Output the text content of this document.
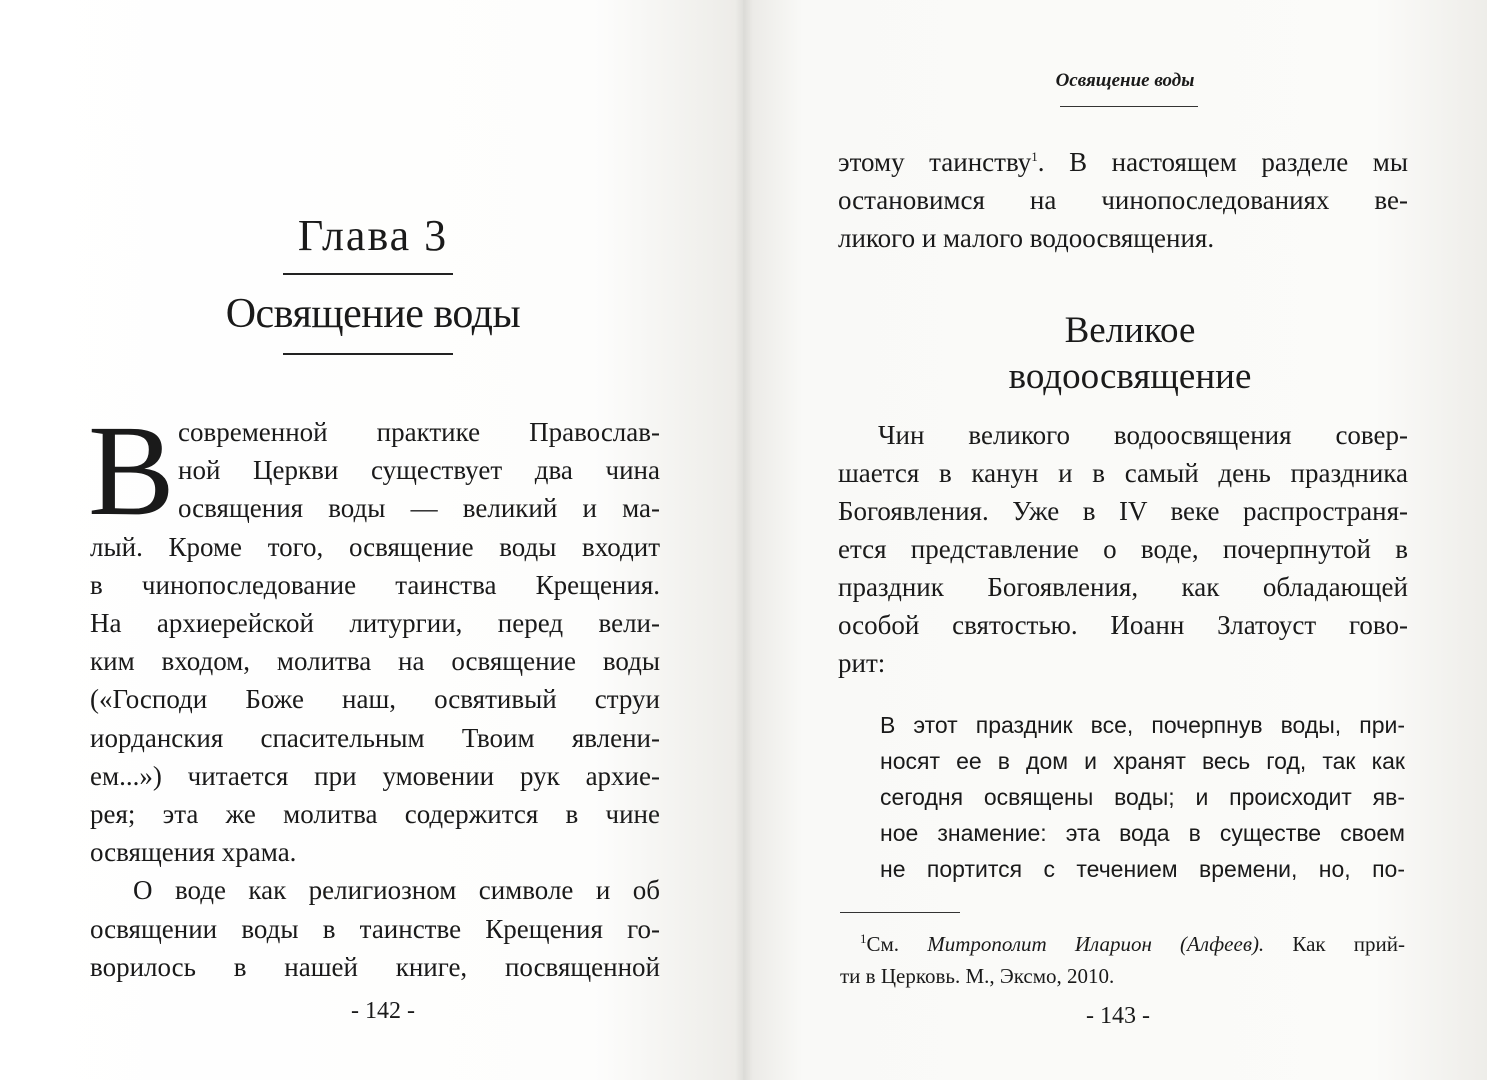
Глава 3
Освящение воды
В современной практике Православ-
ной Церкви существует два чина
освящения воды — великий и ма-
лый. Кроме того, освящение воды входит
в чинопоследование таинства Крещения.
На архиерейской литургии, перед вели-
ким входом, молитва на освящение воды
(«Господи Боже наш, освятивый струи
иорданския спасительным Твоим явлени-
ем...») читается при умовении рук архие-
рея; эта же молитва содержится в чине
освящения храма.
О воде как религиозном символе и об
освящении воды в таинстве Крещения го-
ворилось в нашей книге, посвященной
- 142 -
Освящение воды
этому таинству$^1$. В настоящем разделе мы
остановимся на чинопоследованиях ве-
ликого и малого водоосвящения.
Великое
водоосвящение
Чин великого водоосвящения совер-
шается в канун и в самый день праздника
Богоявления. Уже в IV веке распространя-
ется представление о воде, почерпнутой в
праздник Богоявления, как обладающей
особой святостью. Иоанн Златоуст гово-
рит:
В этот праздник все, почерпнув воды, при-
носят ее в дом и хранят весь год, так как
сегодня освящены воды; и происходит яв-
ное знамение: эта вода в существе своем
не портится с течением времени, но, по-
$^1$См. Митрополит Иларион (Алфеев). Как прий-
ти в Церковь. М., Эксмо, 2010.
- 143 -
